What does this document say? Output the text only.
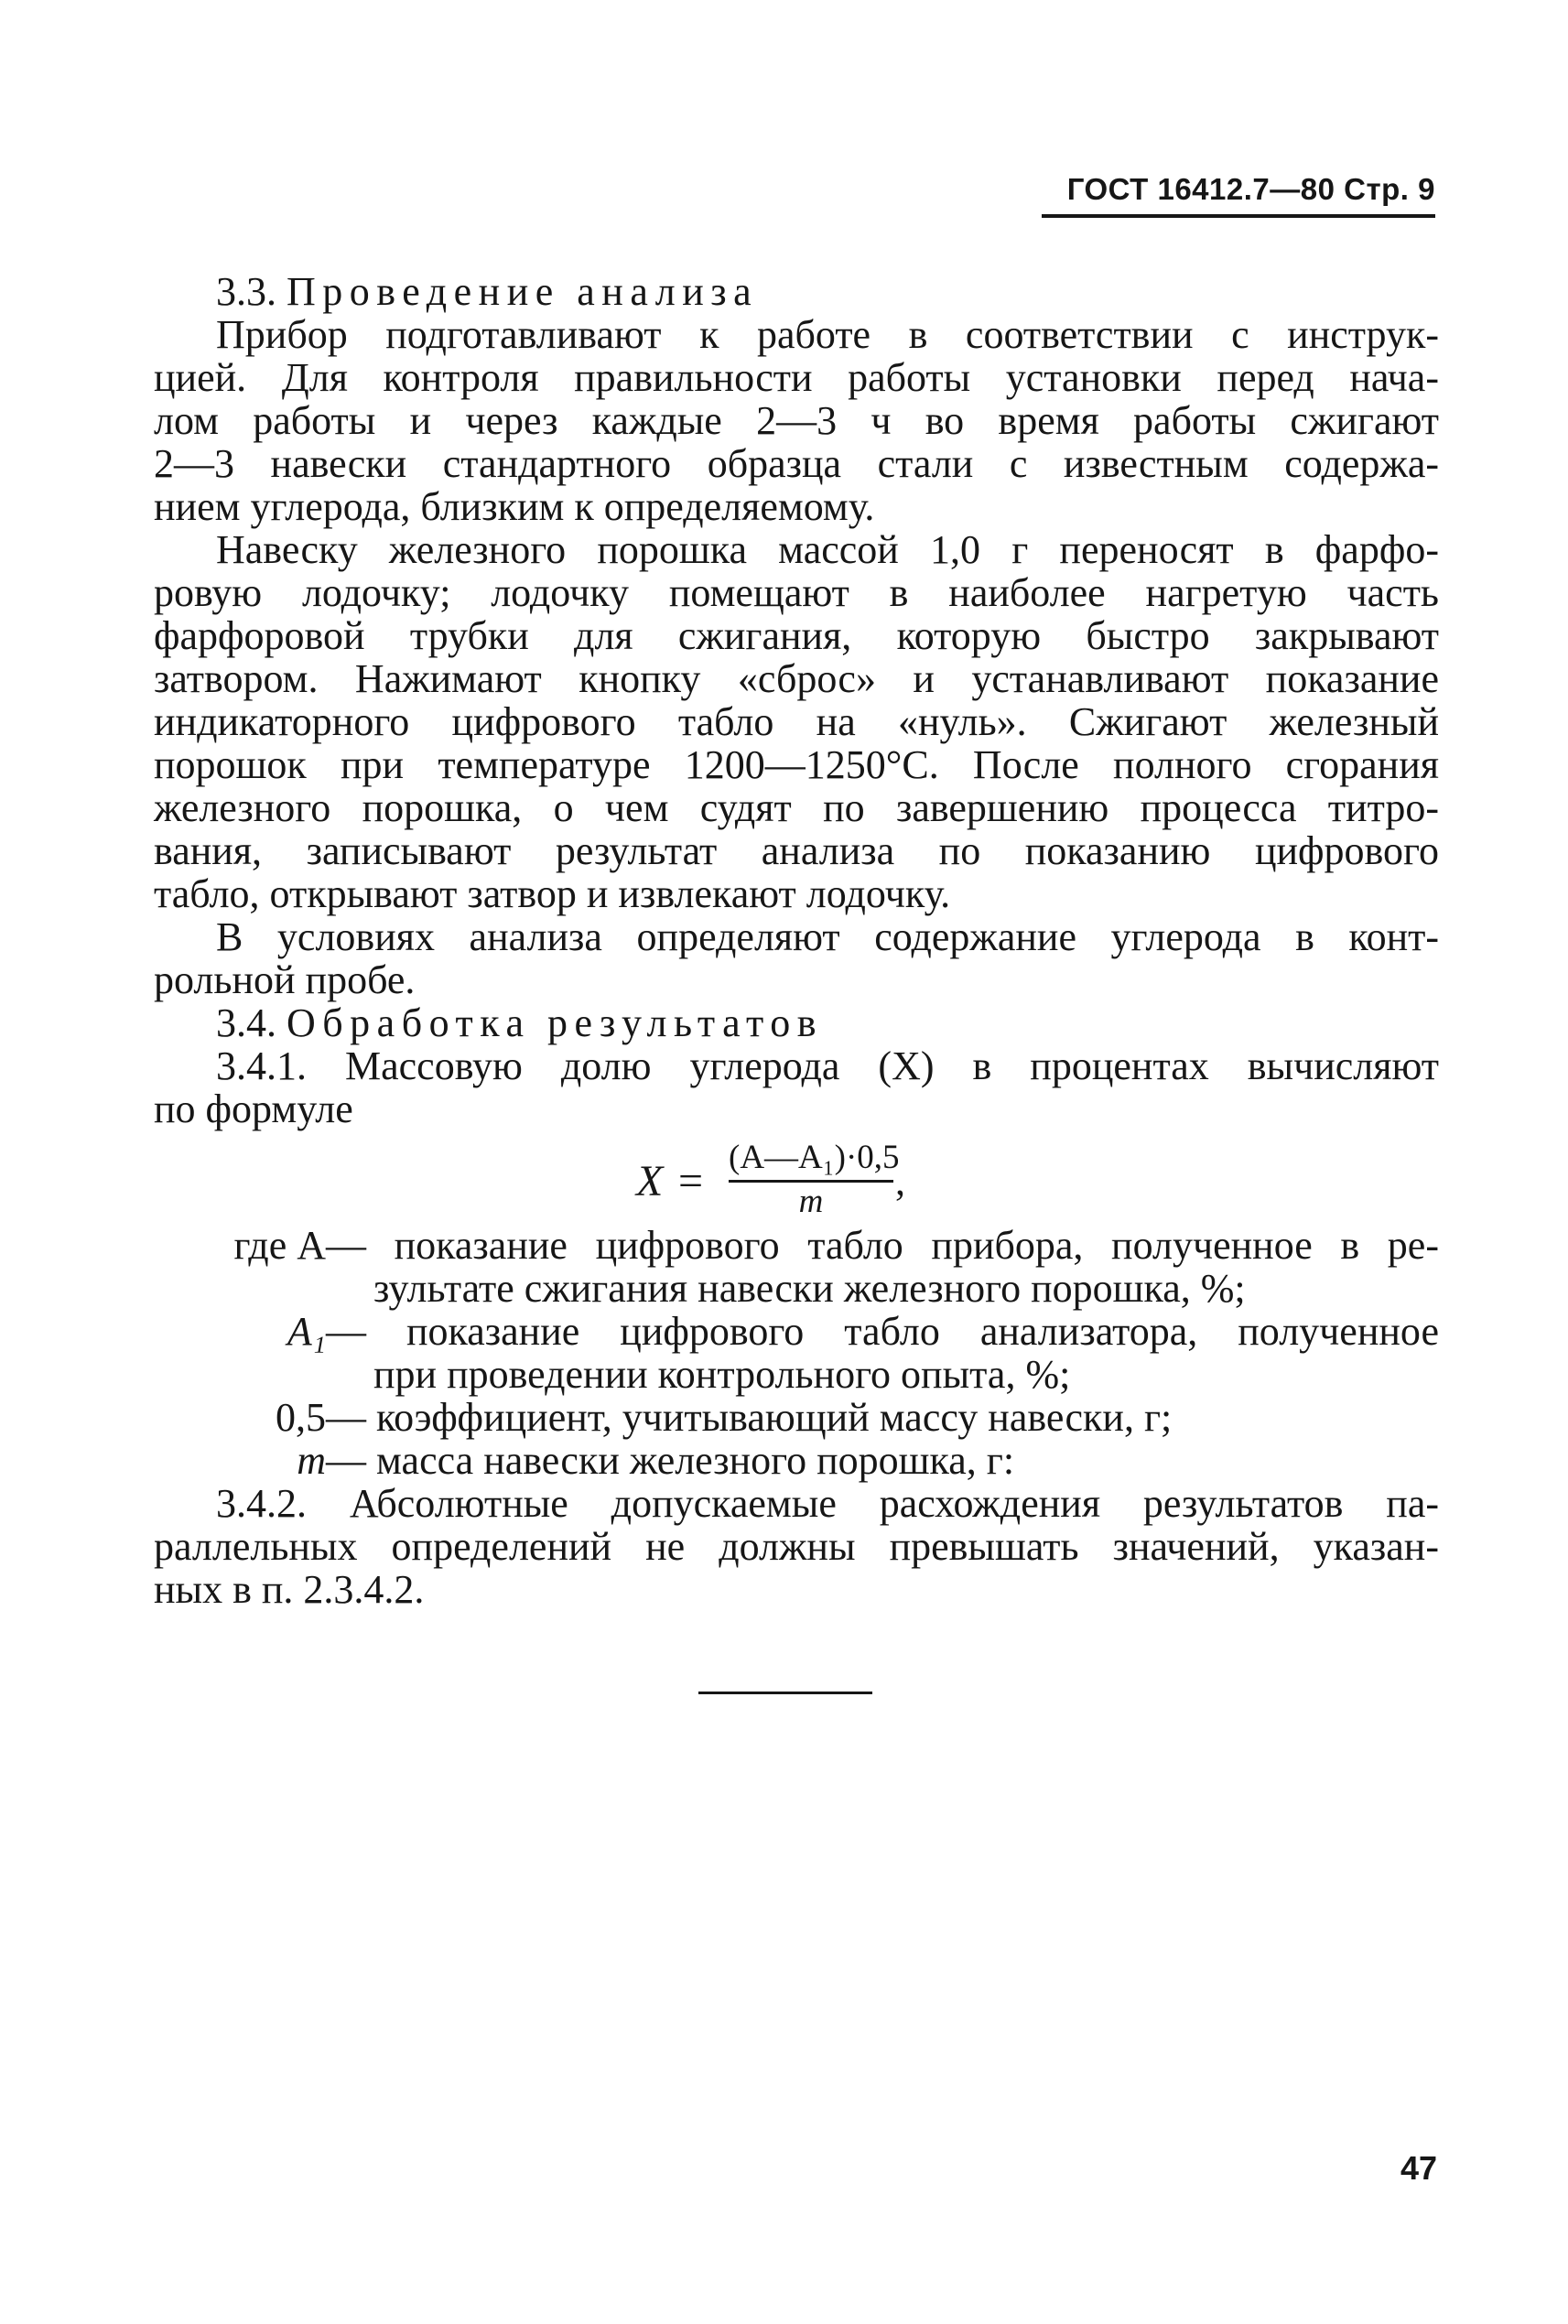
ГОСТ 16412.7—80 Стр. 9
3.3. Проведение анализа
Прибор подготавливают к работе в соответствии с инструк-
цией. Для контроля правильности работы установки перед нача-
лом работы и через каждые 2—3 ч во время работы сжигают
2—3 навески стандартного образца стали с известным содержа-
нием углерода, близким к определяемому.
Навеску железного порошка массой 1,0 г переносят в фарфо-
ровую лодочку; лодочку помещают в наиболее нагретую часть
фарфоровой трубки для сжигания, которую быстро закрывают
затвором. Нажимают кнопку «сброс» и устанавливают показание
индикаторного цифрового табло на «нуль». Сжигают железный
порошок при температуре 1200—1250°С. После полного сгорания
железного порошка, о чем судят по завершению процесса титро-
вания, записывают результат анализа по показанию цифрового
табло, открывают затвор и извлекают лодочку.
В условиях анализа определяют содержание углерода в конт-
рольной пробе.
3.4. Обработка результатов
3.4.1. Массовую долю углерода (X) в процентах вычисляют
по формуле
$X = \frac{\text{(A—A₁)·0,5}}{m}$ ,
где A — показание цифрового табло прибора, полученное в ре-
зультате сжигания навески железного порошка, %;
A₁ — показание цифрового табло анализатора, полученное
при проведении контрольного опыта, %;
0,5 — коэффициент, учитывающий массу навески, г;
m — масса навески железного порошка, г:
3.4.2. Абсолютные допускаемые расхождения результатов па-
раллельных определений не должны превышать значений, указан-
ных в п. 2.3.4.2.
47
